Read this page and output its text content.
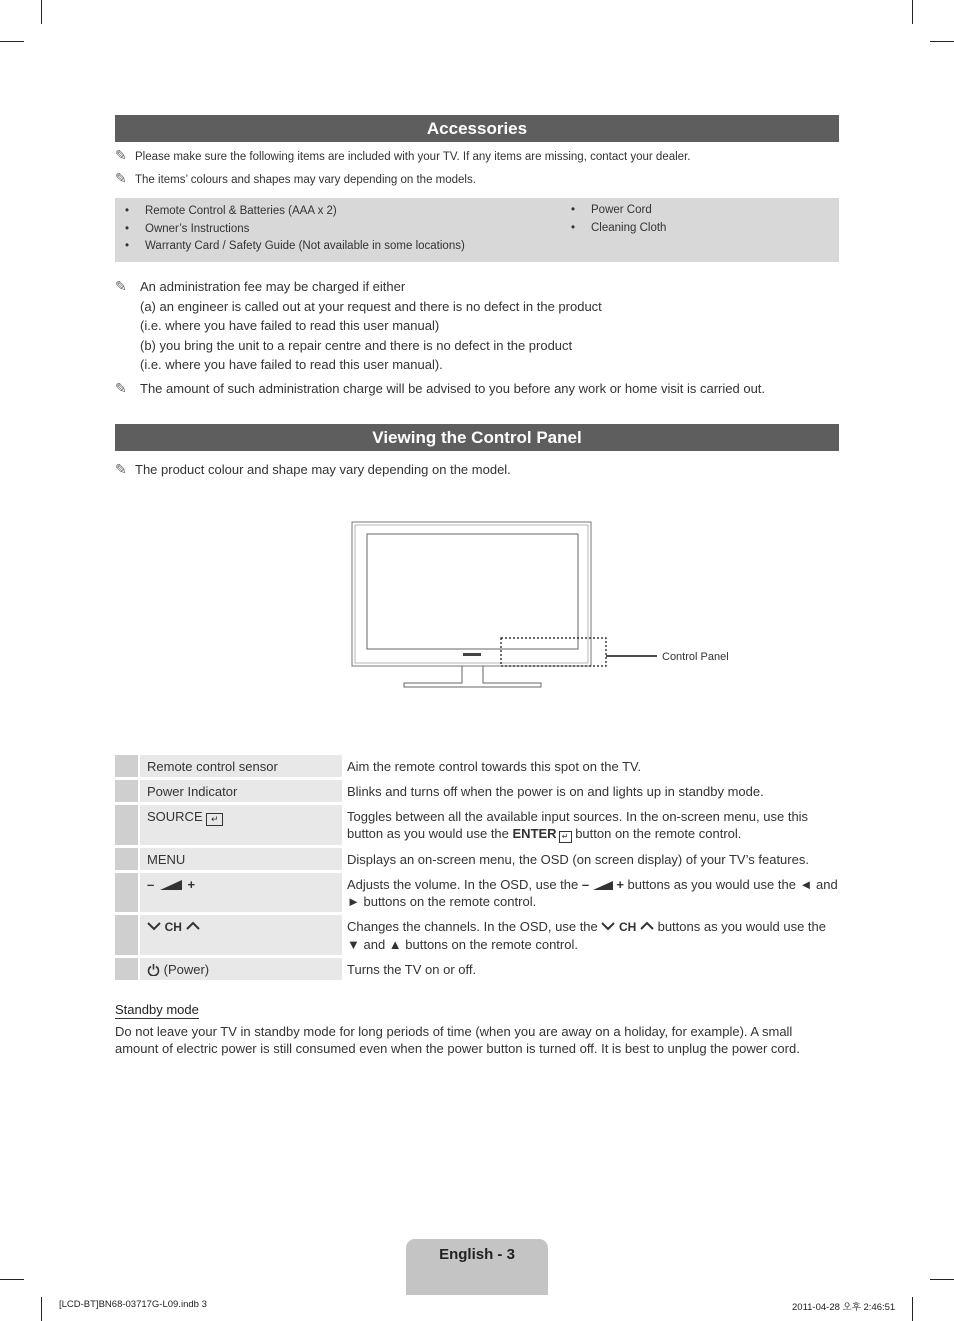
Accessories
✎ Please make sure the following items are included with your TV. If any items are missing, contact your dealer.
✎ The items’ colours and shapes may vary depending on the models.
• Remote Control & Batteries (AAA x 2)
• Owner’s Instructions
• Warranty Card / Safety Guide (Not available in some locations)
• Power Cord
• Cleaning Cloth
✎ An administration fee may be charged if either
(a) an engineer is called out at your request and there is no defect in the product
(i.e. where you have failed to read this user manual)
(b) you bring the unit to a repair centre and there is no defect in the product
(i.e. where you have failed to read this user manual).
✎ The amount of such administration charge will be advised to you before any work or home visit is carried out.
Viewing the Control Panel
✎ The product colour and shape may vary depending on the model.
Control Panel
	Remote control sensor	Aim the remote control towards this spot on the TV.
	Power Indicator	Blinks and turns off when the power is on and lights up in standby mode.
	SOURCE ↵	Toggles between all the available input sources. In the on-screen menu, use this button as you would use the ENTER ↵ button on the remote control.
	MENU	Displays an on-screen menu, the OSD (on screen display) of your TV’s features.
	– +	Adjusts the volume. In the OSD, use the –  + buttons as you would use the ◄ and ► buttons on the remote control.
	CH	Changes the channels. In the OSD, use the  CH  buttons as you would use the ▼ and ▲ buttons on the remote control.
	(Power)	Turns the TV on or off.
Standby mode
Do not leave your TV in standby mode for long periods of time (when you are away on a holiday, for example). A small amount of electric power is still consumed even when the power button is turned off. It is best to unplug the power cord.
English - 3
[LCD-BT]BN68-03717G-L09.indb 3	2011-04-28 오후 2:46:51
